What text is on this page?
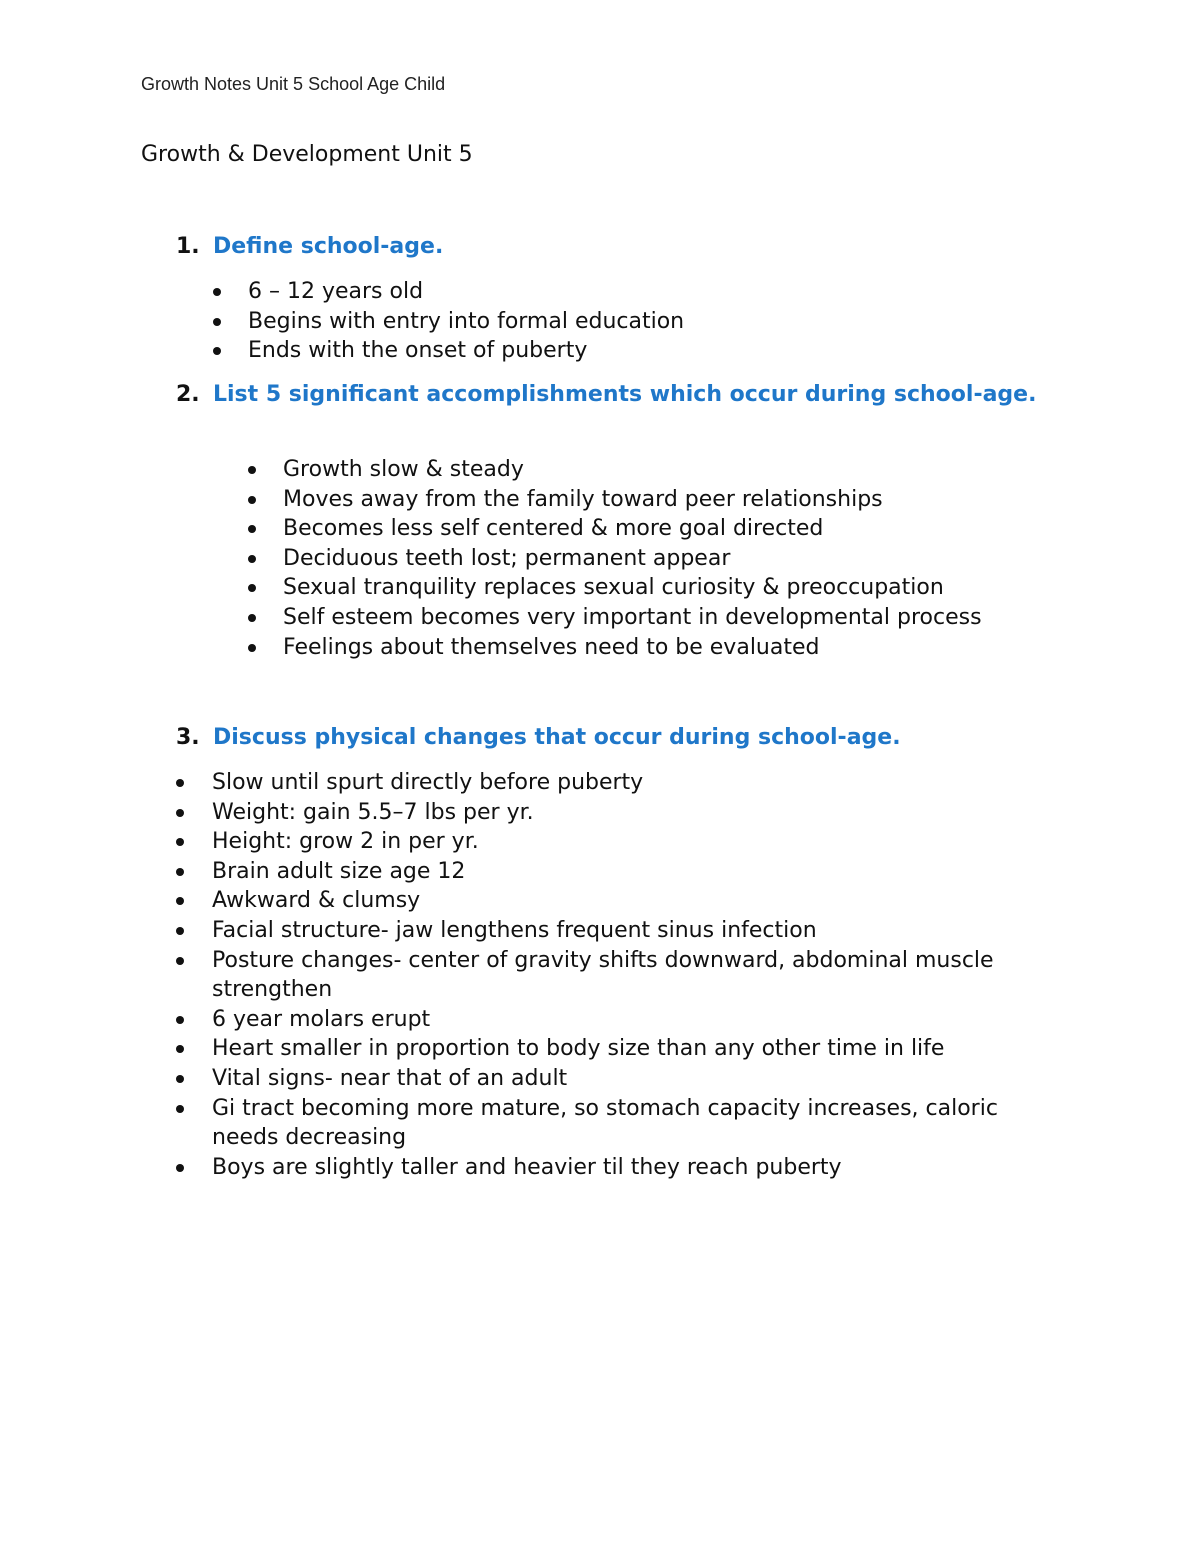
Growth Notes Unit 5 School Age Child
Growth & Development Unit 5
1. Define school-age.
6 – 12 years old
Begins with entry into formal education
Ends with the onset of puberty
2. List 5 significant accomplishments which occur during school-age.
Growth slow & steady
Moves away from the family toward peer relationships
Becomes less self centered & more goal directed
Deciduous teeth lost; permanent appear
Sexual tranquility replaces sexual curiosity & preoccupation
Self esteem becomes very important in developmental process
Feelings about themselves need to be evaluated
3. Discuss physical changes that occur during school-age.
Slow until spurt directly before puberty
Weight: gain 5.5–7 lbs per yr.
Height: grow 2 in per yr.
Brain adult size age 12
Awkward & clumsy
Facial structure- jaw lengthens frequent sinus infection
Posture changes- center of gravity shifts downward, abdominal muscle strengthen
6 year molars erupt
Heart smaller in proportion to body size than any other time in life
Vital signs- near that of an adult
Gi tract becoming more mature, so stomach capacity increases, caloric needs decreasing
Boys are slightly taller and heavier til they reach puberty
